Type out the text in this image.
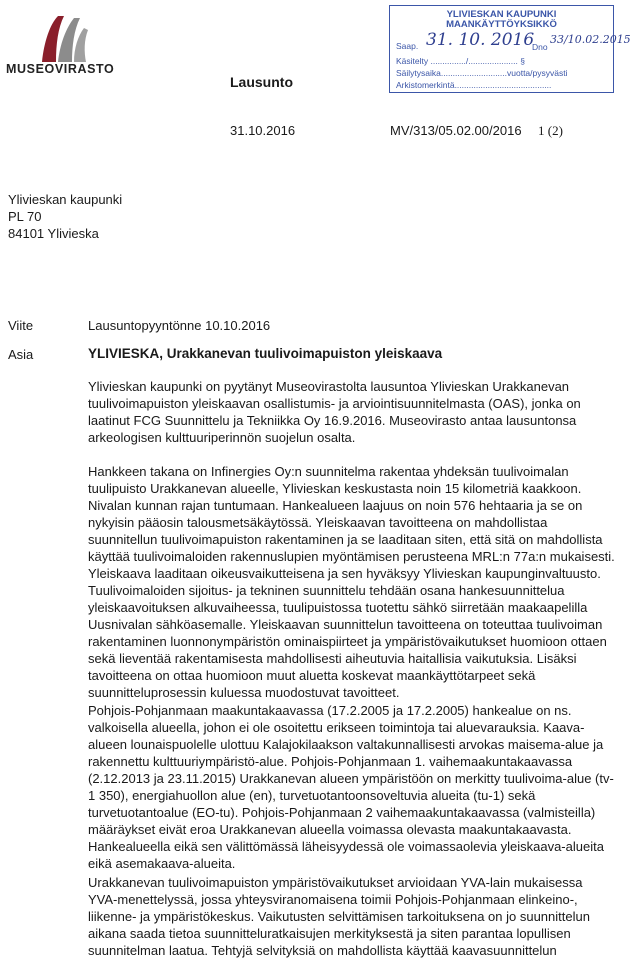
MUSEOVIRASTO
Lausunto
31.10.2016	MV/313/05.02.00/2016 1 (2)
YLIVIESKAN KAUPUNKI
MAANKÄYTTÖYKSIKKÖ
Saap. 31. 10. 2016
Dno
33/10.02.2015
Käsitelty .............../..................... §
Säilytysaika............................vuotta/pysyvästi
Arkistomerkintä.........................................
Ylivieskan kaupunki
PL 70
84101 Ylivieska
Viite	Lausuntopyyntönne 10.10.2016
Asia	YLIVIESKA, Urakkanevan tuulivoimapuiston yleiskaava
Ylivieskan kaupunki on pyytänyt Museovirastolta lausuntoa Ylivieskan Urakkanevan
tuulivoimapuiston yleiskaavan osallistumis- ja arviointisuunnitelmasta (OAS), jonka on
laatinut FCG Suunnittelu ja Tekniikka Oy 16.9.2016. Museovirasto antaa lausuntonsa
arkeologisen kulttuuriperinnön suojelun osalta.
Hankkeen takana on Infinergies Oy:n suunnitelma rakentaa yhdeksän tuulivoimalan
tuulipuisto Urakkanevan alueelle, Ylivieskan keskustasta noin 15 kilometriä kaakkoon.
Nivalan kunnan rajan tuntumaan. Hankealueen laajuus on noin 576 hehtaaria ja se on
nykyisin pääosin talousmetsäkäytössä. Yleiskaavan tavoitteena on mahdollistaa
suunnitellun tuulivoimapuiston rakentaminen ja se laaditaan siten, että sitä on mahdollista
käyttää tuulivoimaloiden rakennuslupien myöntämisen perusteena MRL:n 77a:n mukaisesti.
Yleiskaava laaditaan oikeusvaikutteisena ja sen hyväksyy Ylivieskan kaupunginvaltuusto.
Tuulivoimaloiden sijoitus- ja tekninen suunnittelu tehdään osana hankesuunnittelua
yleiskaavoituksen alkuvaiheessa, tuulipuistossa tuotettu sähkö siirretään maakaapelilla
Uusnivalan sähköasemalle. Yleiskaavan suunnittelun tavoitteena on toteuttaa tuulivoiman
rakentaminen luonnonympäristön ominaispiirteet ja ympäristövaikutukset huomioon ottaen
sekä lieventää rakentamisesta mahdollisesti aiheutuvia haitallisia vaikutuksia. Lisäksi
tavoitteena on ottaa huomioon muut aluetta koskevat maankäyttötarpeet sekä
suunnitteluprosessin kuluessa muodostuvat tavoitteet.
Pohjois-Pohjanmaan maakuntakaavassa (17.2.2005 ja 17.2.2005) hankealue on ns.
valkoisella alueella, johon ei ole osoitettu erikseen toimintoja tai aluevarauksia. Kaava-
alueen lounaispuolelle ulottuu Kalajokilaakson valtakunnallisesti arvokas maisema-alue ja
rakennettu kulttuuriympäristö-alue. Pohjois-Pohjanmaan 1. vaihemaakuntakaavassa
(2.12.2013 ja 23.11.2015) Urakkanevan alueen ympäristöön on merkitty tuulivoima-alue (tv-
1 350), energiahuollon alue (en), turvetuotantoonsoveltuvia alueita (tu-1) sekä
turvetuotantoalue (EO-tu). Pohjois-Pohjanmaan 2 vaihemaakuntakaavassa (valmisteilla)
määräykset eivät eroa Urakkanevan alueella voimassa olevasta maakuntakaavasta.
Hankealueella eikä sen välittömässä läheisyydessä ole voimassaolevia yleiskaava-alueita
eikä asemakaava-alueita.
Urakkanevan tuulivoimapuiston ympäristövaikutukset arvioidaan YVA-lain mukaisessa
YVA-menettelyssä, jossa yhteysviranomaisena toimii Pohjois-Pohjanmaan elinkeino-,
liikenne- ja ympäristökeskus. Vaikutusten selvittämisen tarkoituksena on jo suunnittelun
aikana saada tietoa suunnitteluratkaisujen merkityksestä ja siten parantaa lopullisen
suunnitelman laatua. Tehtyjä selvityksiä on mahdollista käyttää kaavasuunnittelun
